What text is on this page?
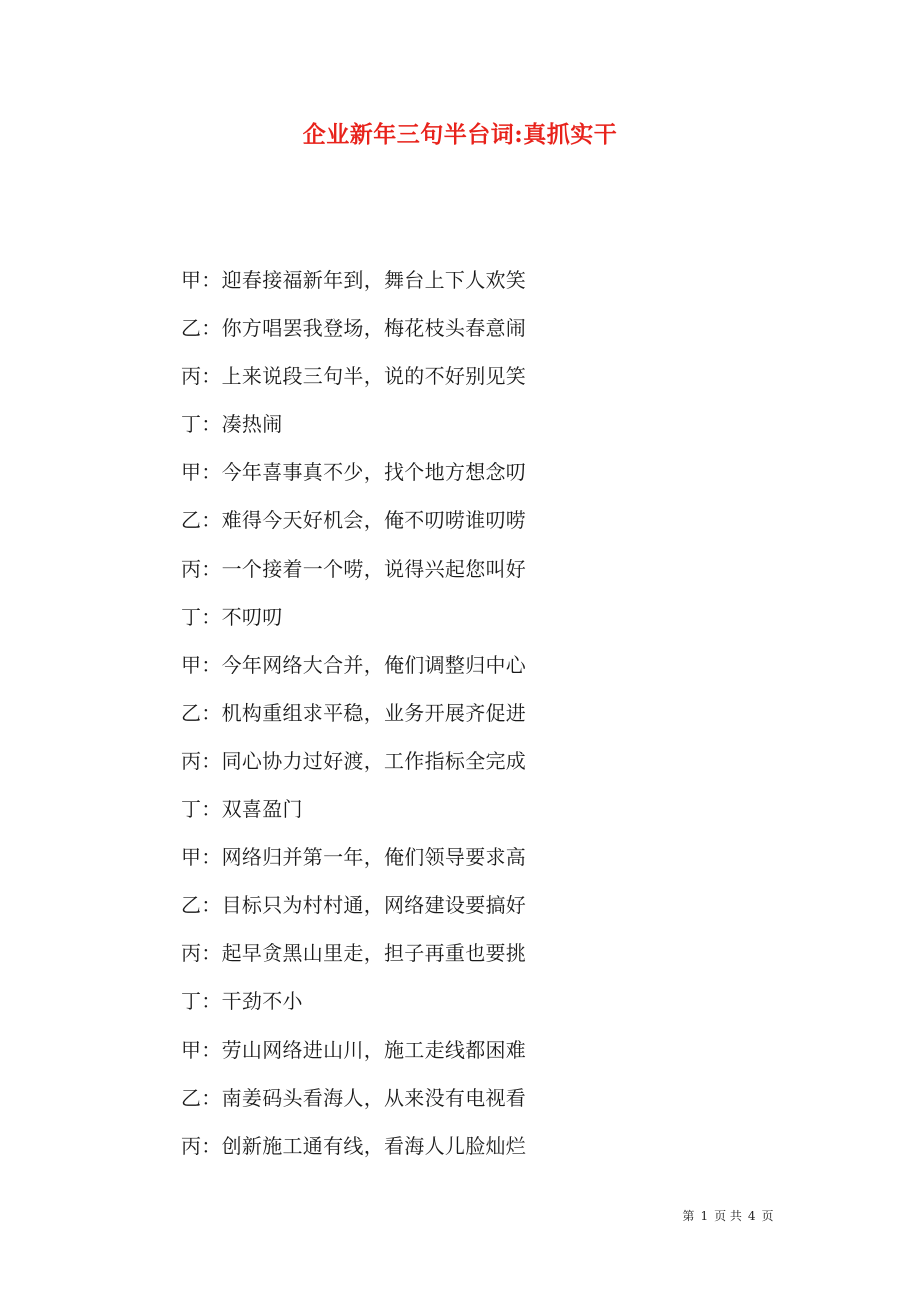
企业新年三句半台词:真抓实干
甲：迎春接福新年到，舞台上下人欢笑
乙：你方唱罢我登场，梅花枝头春意闹
丙：上来说段三句半，说的不好别见笑
丁：凑热闹
甲：今年喜事真不少，找个地方想念叨
乙：难得今天好机会，俺不叨唠谁叨唠
丙：一个接着一个唠，说得兴起您叫好
丁：不叨叨
甲：今年网络大合并，俺们调整归中心
乙：机构重组求平稳，业务开展齐促进
丙：同心协力过好渡，工作指标全完成
丁：双喜盈门
甲：网络归并第一年，俺们领导要求高
乙：目标只为村村通，网络建设要搞好
丙：起早贪黑山里走，担子再重也要挑
丁：干劲不小
甲：劳山网络进山川，施工走线都困难
乙：南姜码头看海人，从来没有电视看
丙：创新施工通有线，看海人儿脸灿烂
第 1 页 共 4 页
